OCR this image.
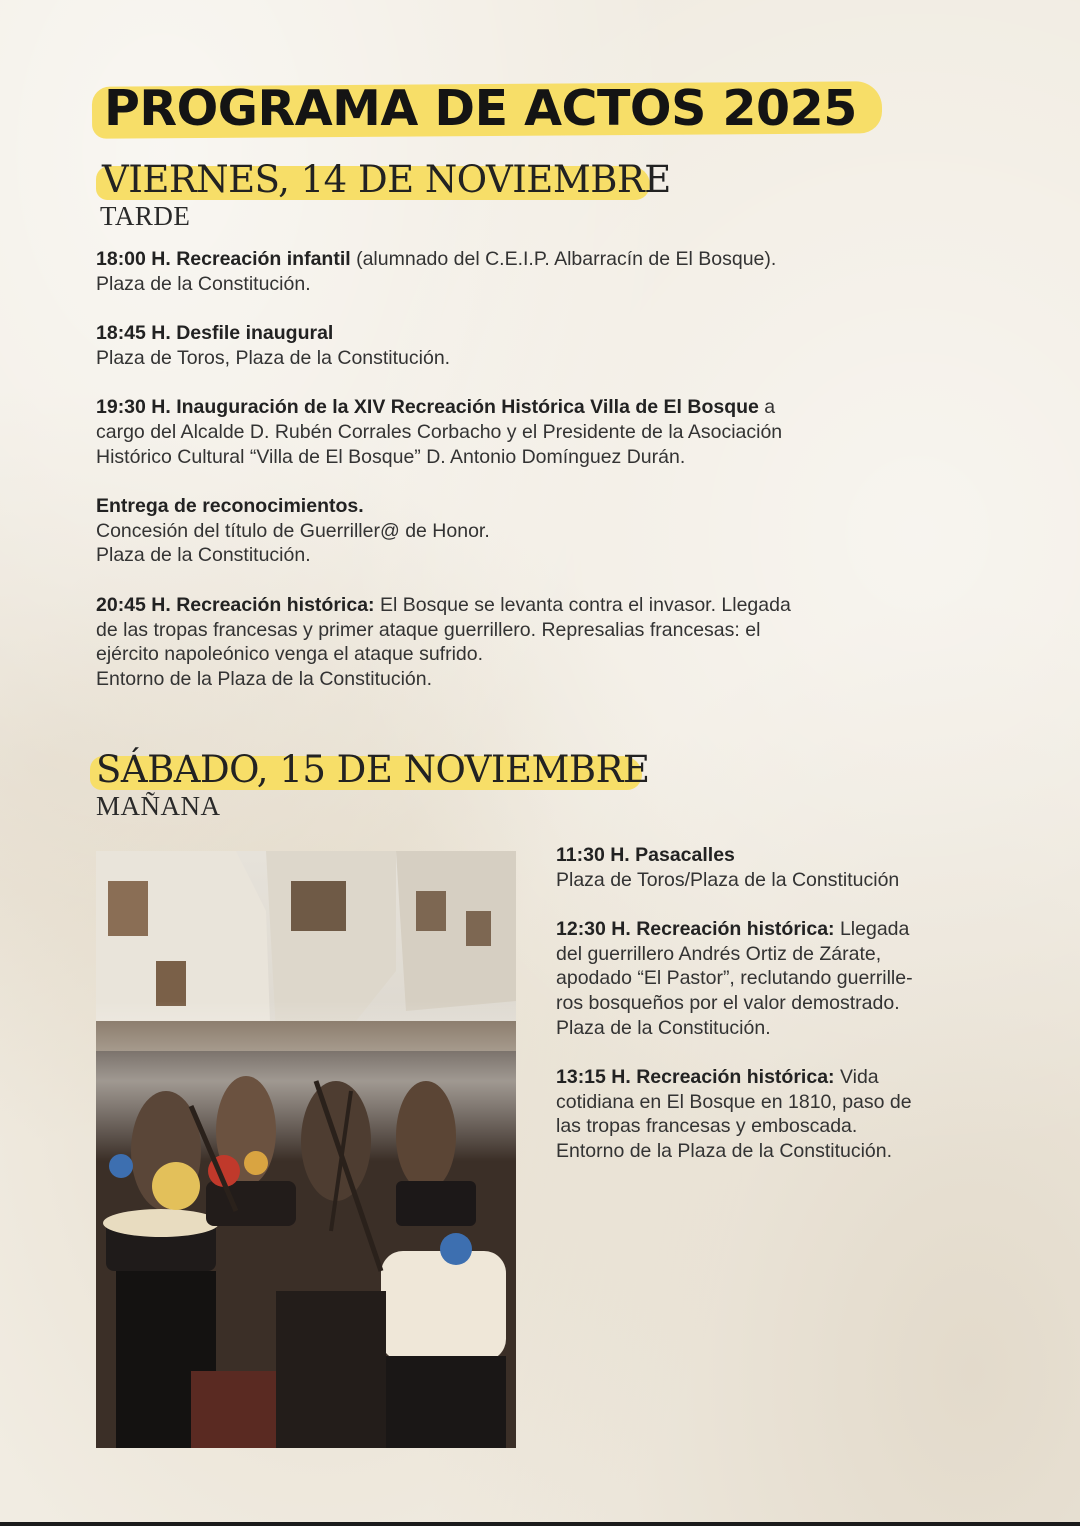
PROGRAMA DE ACTOS 2025
VIERNES, 14 DE NOVIEMBRE

TARDE

18:00 H. Recreación infantil (alumnado del C.E.I.P. Albarracín de El Bosque).
Plaza de la Constitución.
18:45 H. Desfile inaugural
Plaza de Toros, Plaza de la Constitución.
19:30 H. Inauguración de la XIV Recreación Histórica Villa de El Bosque a
cargo del Alcalde D. Rubén Corrales Corbacho y el Presidente de la Asociación
Histórico Cultural “Villa de El Bosque” D. Antonio Domínguez Durán.
Entrega de reconocimientos.
Concesión del título de Guerriller@ de Honor.
Plaza de la Constitución.
20:45 H. Recreación histórica: El Bosque se levanta contra el invasor. Llegada
de las tropas francesas y primer ataque guerrillero. Represalias francesas: el
ejército napoleónico venga el ataque sufrido.
Entorno de la Plaza de la Constitución.
SÁBADO, 15 DE NOVIEMBRE

MAÑANA

11:30 H. Pasacalles
Plaza de Toros/Plaza de la Constitución
12:30 H. Recreación histórica: Llegada
del guerrillero Andrés Ortiz de Zárate,
apodado “El Pastor”, reclutando guerrille-
ros bosqueños por el valor demostrado.
Plaza de la Constitución.
13:15 H. Recreación histórica: Vida
cotidiana en El Bosque en 1810, paso de
las tropas francesas y emboscada.
Entorno de la Plaza de la Constitución.
